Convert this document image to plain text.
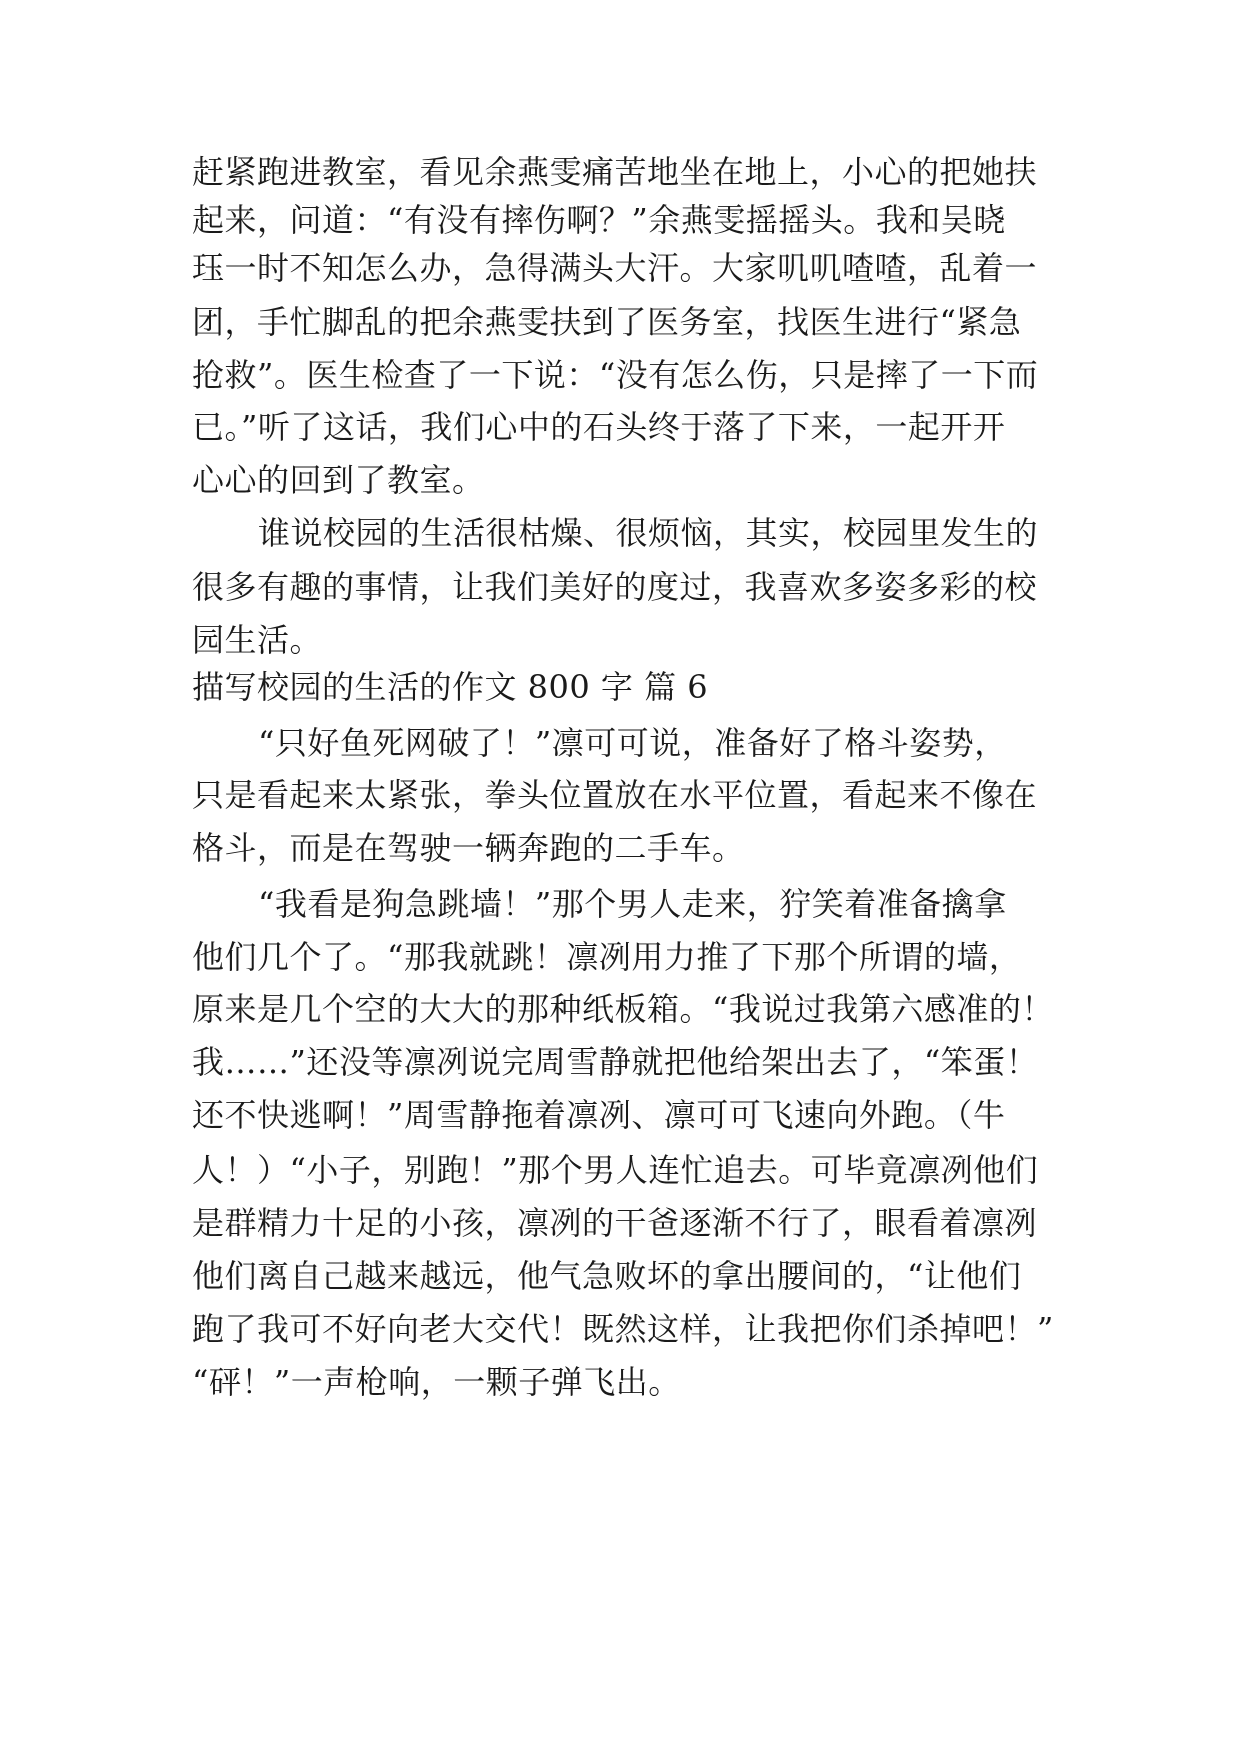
赶紧跑进教室，看见余燕雯痛苦地坐在地上，小心的把她扶
起来，问道：“有没有摔伤啊？”余燕雯摇摇头。我和吴晓
珏一时不知怎么办，急得满头大汗。大家叽叽喳喳，乱着一
团，手忙脚乱的把余燕雯扶到了医务室，找医生进行“紧急
抢救”。医生检查了一下说：“没有怎么伤，只是摔了一下而
已。”听了这话，我们心中的石头终于落了下来，一起开开
心心的回到了教室。
谁说校园的生活很枯燥、很烦恼，其实，校园里发生的
很多有趣的事情，让我们美好的度过，我喜欢多姿多彩的校
园生活。
描写校园的生活的作文 800 字 篇 6
“只好鱼死网破了！”凛可可说，准备好了格斗姿势，
只是看起来太紧张，拳头位置放在水平位置，看起来不像在
格斗，而是在驾驶一辆奔跑的二手车。
“我看是狗急跳墙！”那个男人走来，狞笑着准备擒拿
他们几个了。“那我就跳！凛冽用力推了下那个所谓的墙，
原来是几个空的大大的那种纸板箱。“我说过我第六感准的！
我……”还没等凛冽说完周雪静就把他给架出去了，“笨蛋！
还不快逃啊！”周雪静拖着凛冽、凛可可飞速向外跑。（牛
人！）“小子，别跑！”那个男人连忙追去。可毕竟凛冽他们
是群精力十足的小孩，凛冽的干爸逐渐不行了，眼看着凛冽
他们离自己越来越远，他气急败坏的拿出腰间的，“让他们
跑了我可不好向老大交代！既然这样，让我把你们杀掉吧！”
“砰！”一声枪响，一颗子弹飞出。
